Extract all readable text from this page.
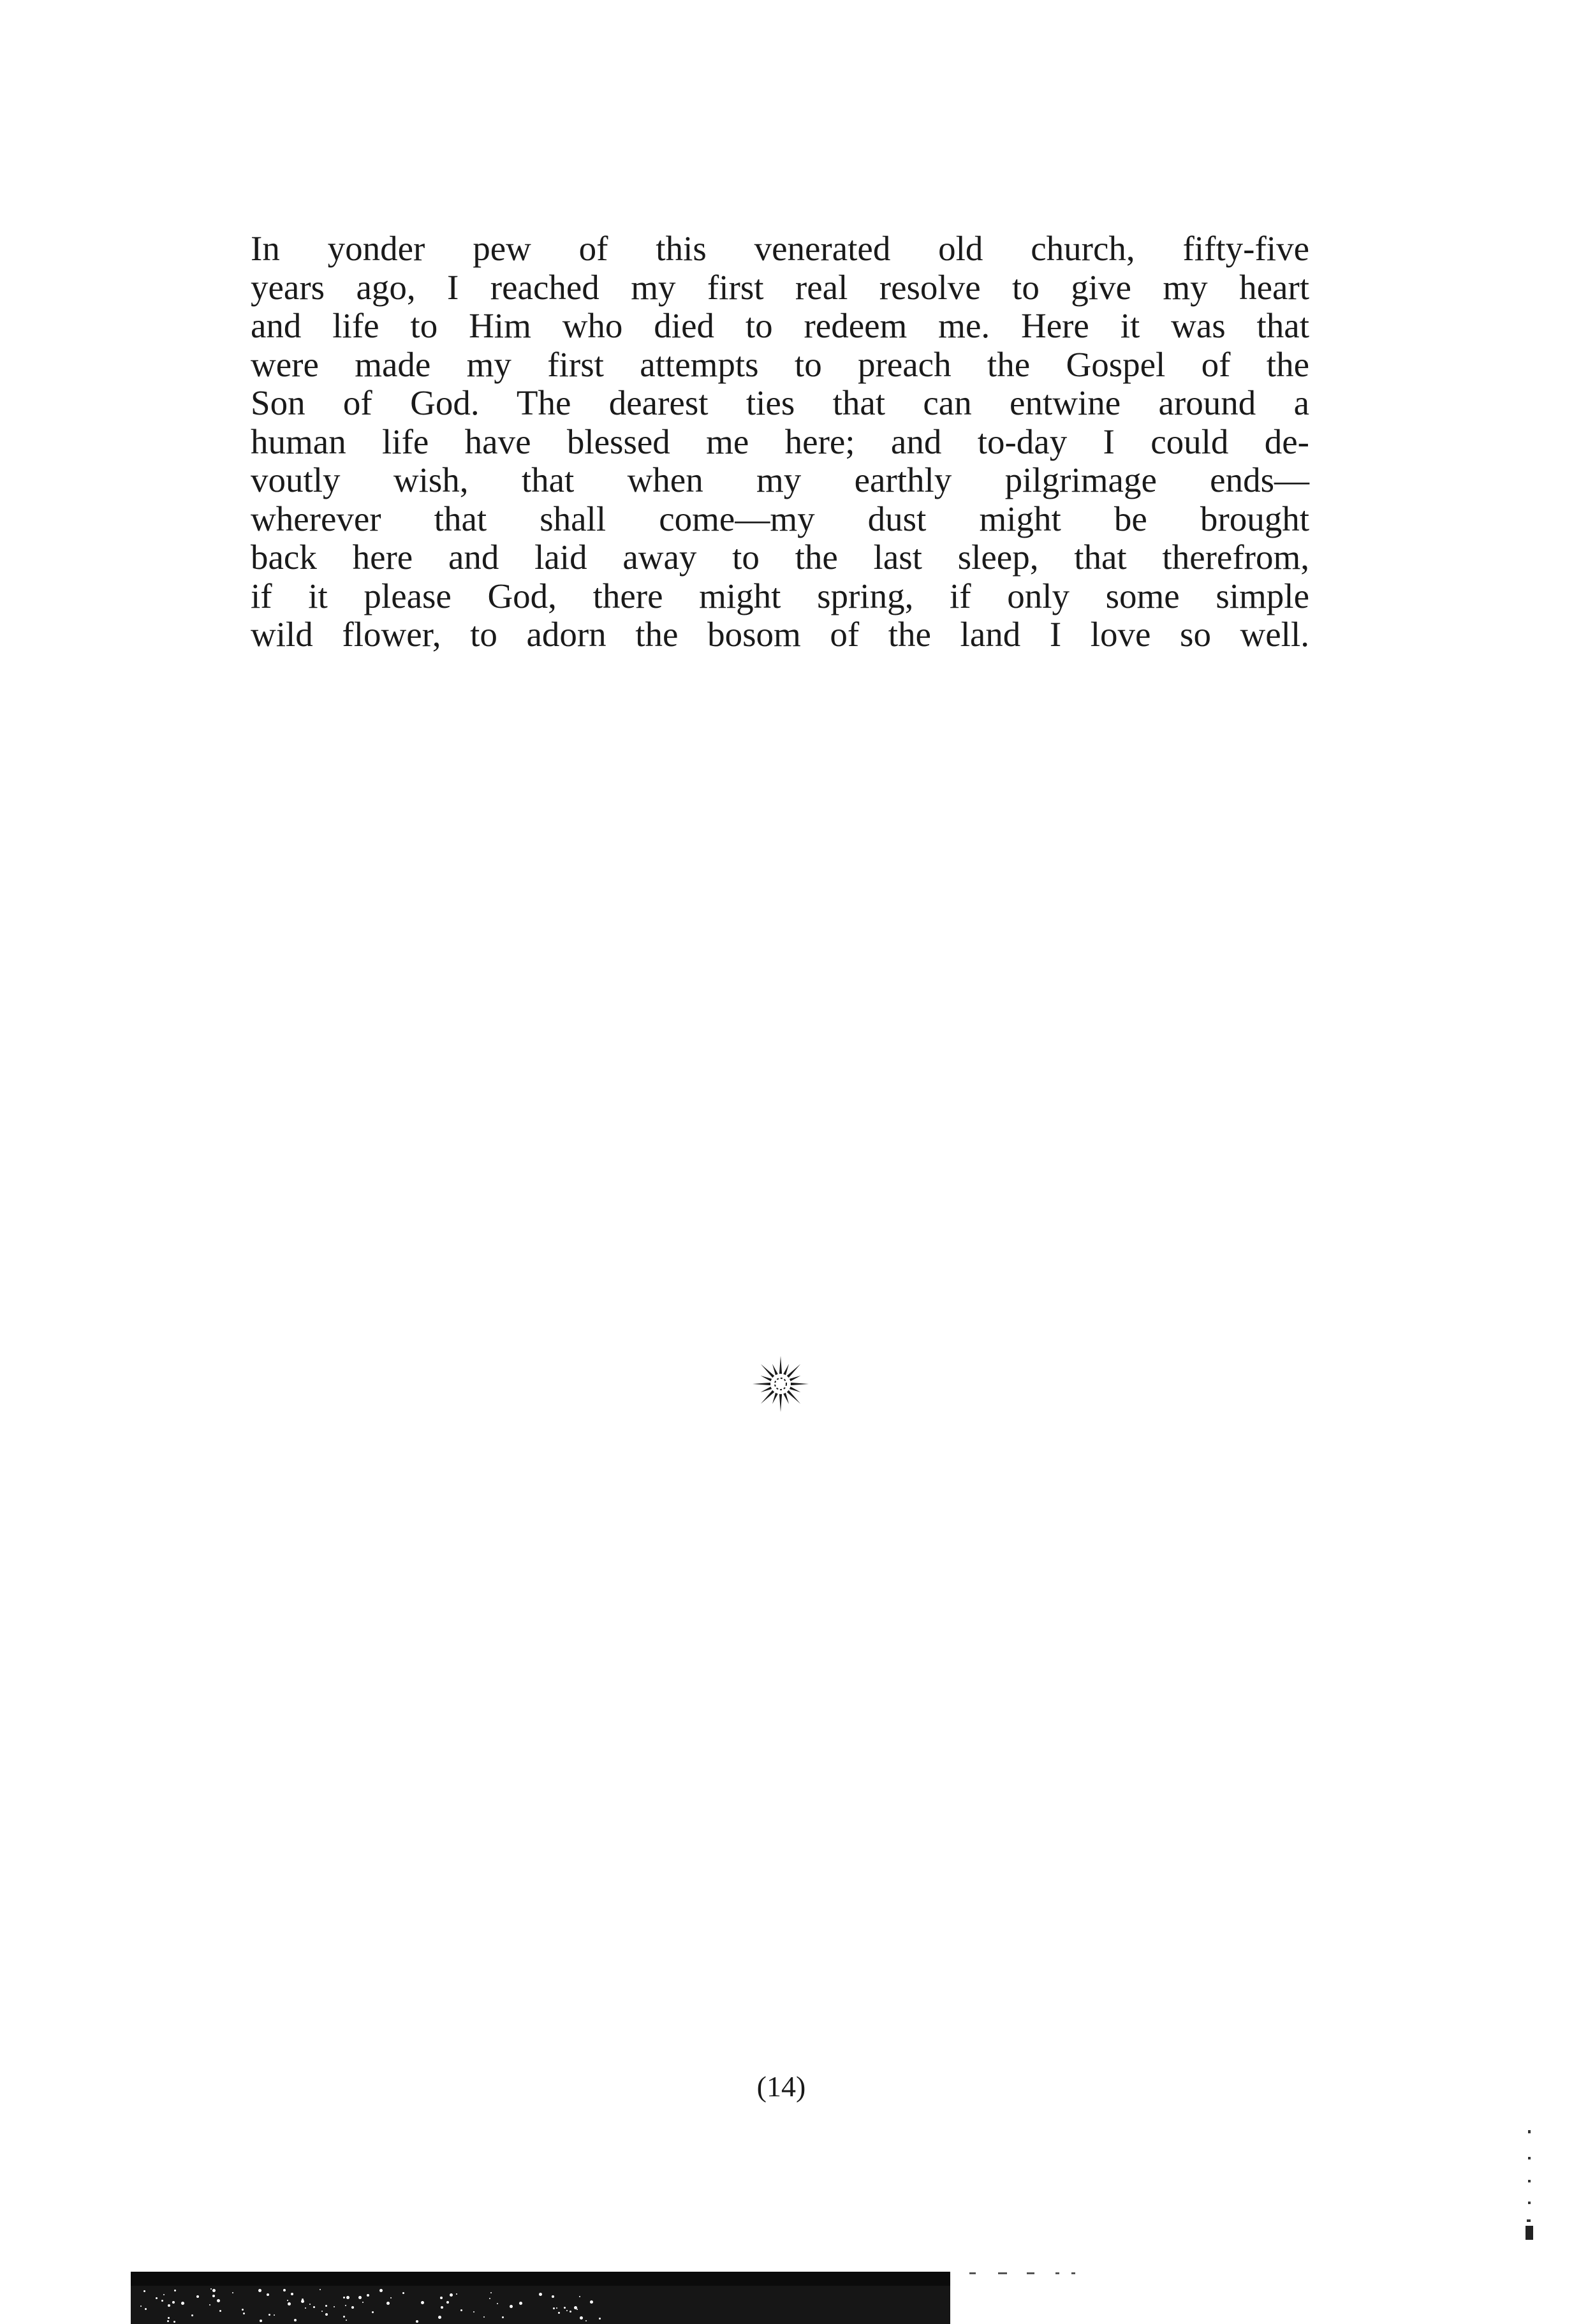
In yonder pew of this venerated old church, fifty-five
years ago, I reached my first real resolve to give my heart
and life to Him who died to redeem me. Here it was that
were made my first attempts to preach the Gospel of the
Son of God. The dearest ties that can entwine around a
human life have blessed me here; and to-day I could de-
voutly wish, that when my earthly pilgrimage ends—
wherever that shall come—my dust might be brought
back here and laid away to the last sleep, that therefrom,
if it please God, there might spring, if only some simple
wild flower, to adorn the bosom of the land I love so well.

(14)
